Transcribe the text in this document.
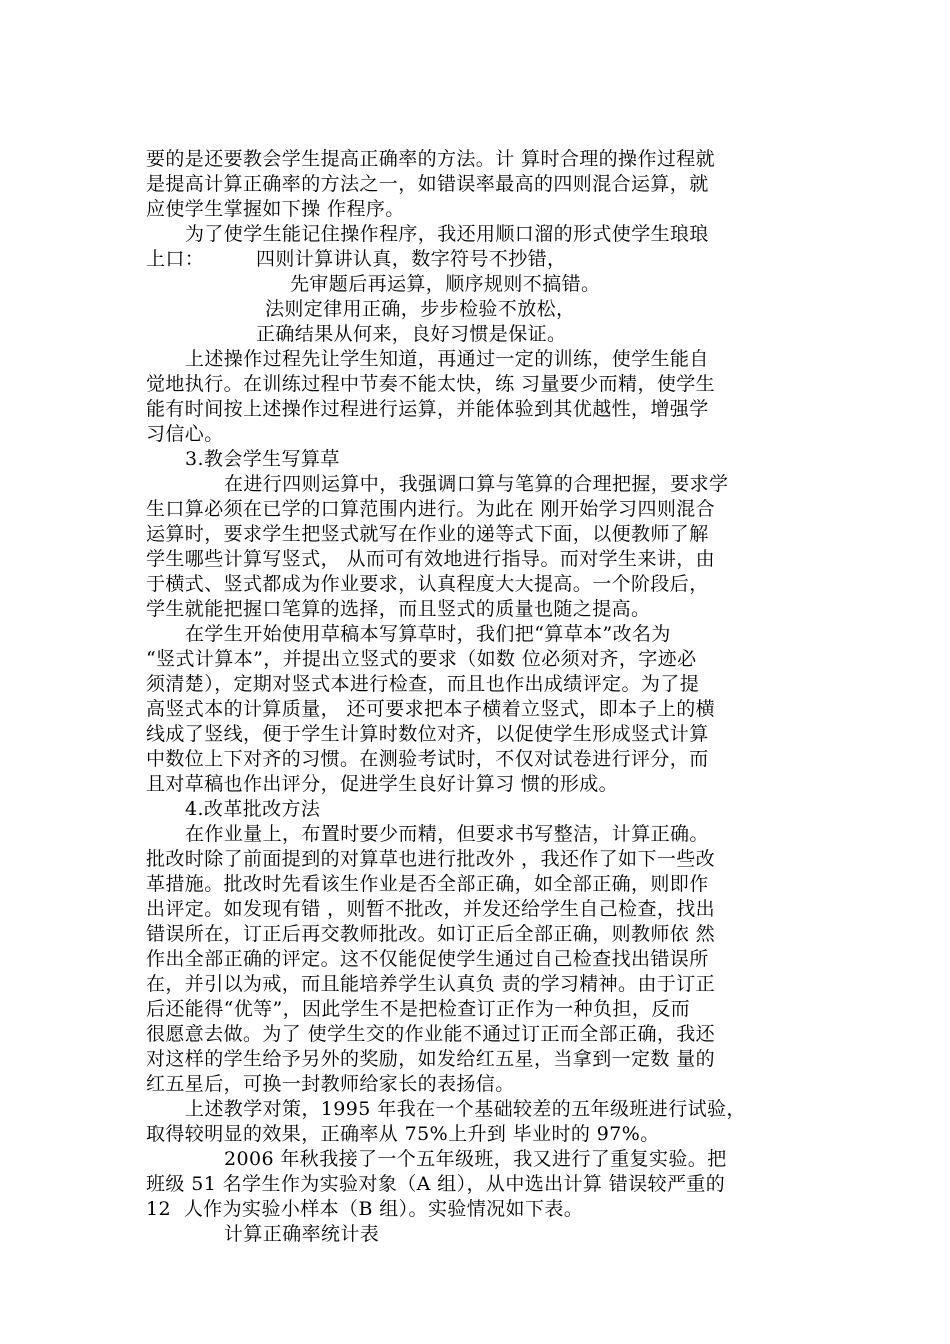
要的是还要教会学生提高正确率的方法。计 算时合理的操作过程就
是提高计算正确率的方法之一，如错误率最高的四则混合运算，就
应使学生掌握如下操 作程序。
为了使学生能记住操作程序，我还用顺口溜的形式使学生琅琅
上口：	四则计算讲认真，数字符号不抄错，
先审题后再运算，顺序规则不搞错。
法则定律用正确，步步检验不放松，
正确结果从何来，良好习惯是保证。
上述操作过程先让学生知道，再通过一定的训练，使学生能自
觉地执行。在训练过程中节奏不能太快，练 习量要少而精，使学生
能有时间按上述操作过程进行运算，并能体验到其优越性，增强学
习信心。
3.教会学生写算草
在进行四则运算中，我强调口算与笔算的合理把握，要求学
生口算必须在已学的口算范围内进行。为此在 刚开始学习四则混合
运算时，要求学生把竖式就写在作业的递等式下面，以便教师了解
学生哪些计算写竖式， 从而可有效地进行指导。而对学生来讲，由
于横式、竖式都成为作业要求，认真程度大大提高。一个阶段后，
学生就能把握口笔算的选择，而且竖式的质量也随之提高。
在学生开始使用草稿本写算草时，我们把“算草本”改名为
“竖式计算本”，并提出立竖式的要求（如数 位必须对齐，字迹必
须清楚），定期对竖式本进行检查，而且也作出成绩评定。为了提
高竖式本的计算质量， 还可要求把本子横着立竖式，即本子上的横
线成了竖线，便于学生计算时数位对齐，以促使学生形成竖式计算
中数位上下对齐的习惯。在测验考试时，不仅对试卷进行评分，而
且对草稿也作出评分，促进学生良好计算习 惯的形成。
4.改革批改方法
在作业量上，布置时要少而精，但要求书写整洁，计算正确。
批改时除了前面提到的对算草也进行批改外 ，我还作了如下一些改
革措施。批改时先看该生作业是否全部正确，如全部正确，则即作
出评定。如发现有错 ，则暂不批改，并发还给学生自己检查，找出
错误所在，订正后再交教师批改。如订正后全部正确，则教师依 然
作出全部正确的评定。这不仅能促使学生通过自己检查找出错误所
在，并引以为戒，而且能培养学生认真负 责的学习精神。由于订正
后还能得“优等”，因此学生不是把检查订正作为一种负担，反而
很愿意去做。为了 使学生交的作业能不通过订正而全部正确，我还
对这样的学生给予另外的奖励，如发给红五星，当拿到一定数 量的
红五星后，可换一封教师给家长的表扬信。
上述教学对策，1995 年我在一个基础较差的五年级班进行试验，
取得较明显的效果，正确率从 75%上升到 毕业时的 97%。
2006 年秋我接了一个五年级班，我又进行了重复实验。把
班级 51 名学生作为实验对象（A 组），从中选出计算 错误较严重的
12  人作为实验小样本（B 组）。实验情况如下表。
计算正确率统计表
